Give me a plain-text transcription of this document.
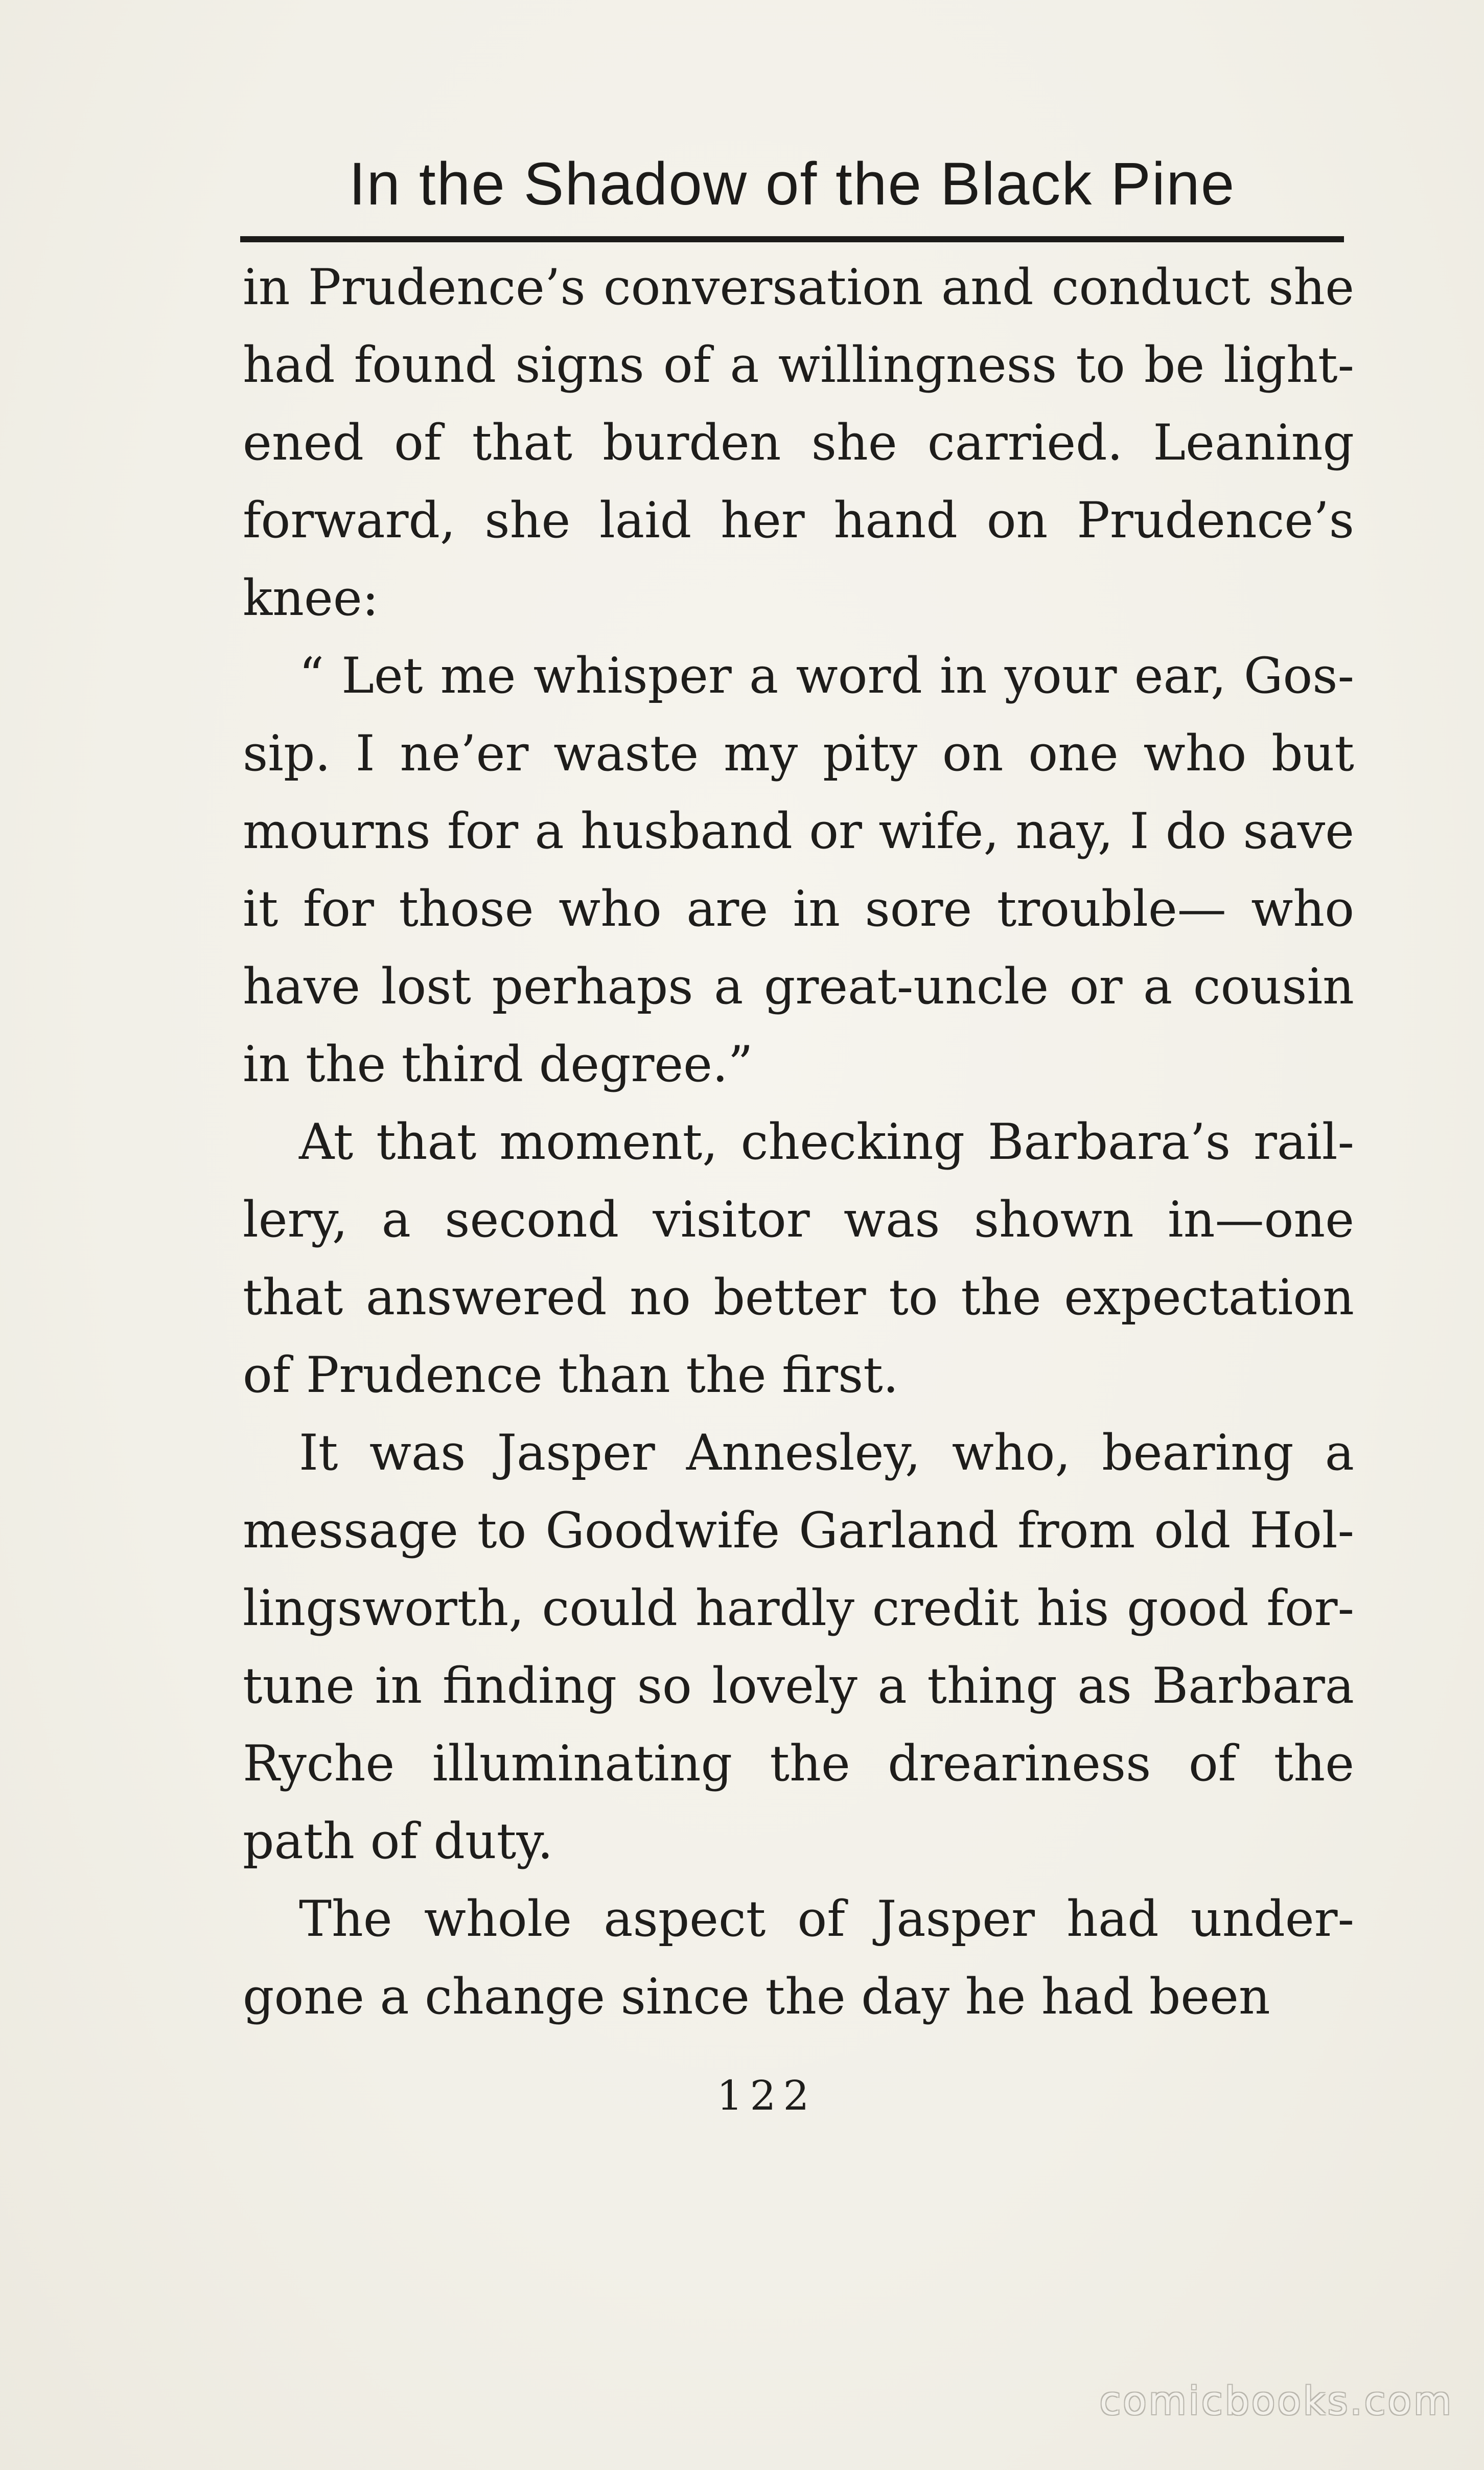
In the Shadow of the Black Pine

in Prudence’s conversation and conduct she had found signs of a willingness to be light- ened of that burden she carried. Leaning forward, she laid her hand on Prudence’s knee:

“ Let me whisper a word in your ear, Gos- sip. I ne’er waste my pity on one who but mourns for a husband or wife, nay, I do save it for those who are in sore trouble— who have lost perhaps a great-uncle or a cousin in the third degree.”

At that moment, checking Barbara’s rail- lery, a second visitor was shown in—one that answered no better to the expectation of Prudence than the first.

It was Jasper Annesley, who, bearing a message to Goodwife Garland from old Hol- lingsworth, could hardly credit his good for- tune in finding so lovely a thing as Barbara Ryche illuminating the dreariness of the path of duty.

The whole aspect of Jasper had under- gone a change since the day he had been

122
comicbooks.com
